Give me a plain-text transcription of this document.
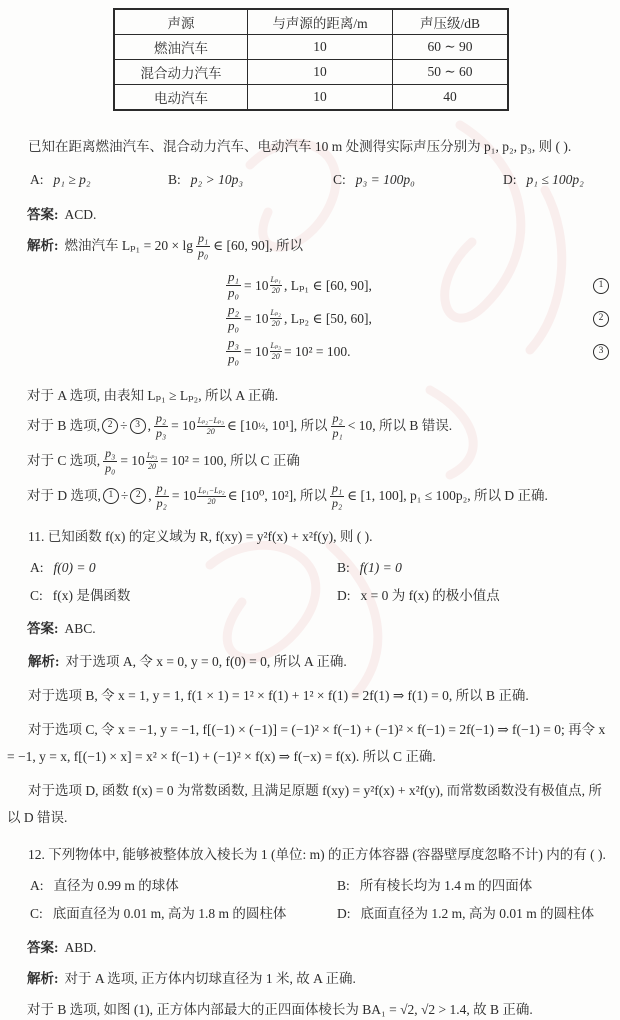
声源	与声源的距离/m	声压级/dB
燃油汽车	10	60 ∼ 90
混合动力汽车	10	50 ∼ 60
电动汽车	10	40

已知在距离燃油汽车、混合动力汽车、电动汽车 10 m 处测得实际声压分别为 p₁, p₂, p₃, 则 ( ).

A: p₁ ≥ p₂	B: p₂ > 10p₃	C: p₃ = 100p₀	D: p₁ ≤ 100p₂

答案: ACD.

解析: 燃油汽车 Lₚ₁ = 20 × lg
p₁
p₀ ∈ [60, 90], 所以
$\frac{\text{p₁}}{\text{p₀}} = 10$ Lₚ₁
20 , Lₚ₁ ∈ [60, 90],	1
$\frac{\text{p₂}}{\text{p₀}} = 10$ Lₚ₂
20 , Lₚ₂ ∈ [50, 60],	2
$\frac{\text{p₃}}{\text{p₀}} = 10 \frac{\text{Lₚ₃}}{20} = 10^2 = 100$.	3

对于 A 选项, 由表知 Lₚ₁ ≥ Lₚ₂, 所以 A 正确.

对于 B 选项, 2 ÷ 3 , $\frac{\text{p₂}}{\text{p₃}} = 10$ Lₚ₂−Lₚ₃
20 ∈ [10 ½ , 10¹], 所以
p₂
p₁ < 10, 所以 B 错误.
对于 C 选项, $\frac{\text{p₃}}{\text{p₀}} = 10 \frac{\text{Lₚ₃}}{20} = 10^2 = 100$, 所以 C 正确
对于 D 选项, 1 ÷ 2 , $\frac{\text{p₁}}{\text{p₂}} = 10$ Lₚ₁−Lₚ₂
20 ∈ [10⁰, 10²], 所以
p₁
p₂ ∈ [1, 100], p₁ ≤ 100p₂, 所以 D 正确.

11. 已知函数 f(x) 的定义域为 R, f(xy) = y²f(x) + x²f(y), 则 ( ).

A: f(0) = 0	B: f(1) = 0
C: f(x) 是偶函数	D: x = 0 为 f(x) 的极小值点

答案: ABC.

解析: 对于选项 A, 令 x = 0, y = 0, f(0) = 0, 所以 A 正确.

对于选项 B, 令 x = 1, y = 1, f(1 × 1) = 1² × f(1) + 1² × f(1) = 2f(1) ⇒ f(1) = 0, 所以 B 正确.

对于选项 C, 令 x = −1, y = −1, f[(−1) × (−1)] = (−1)² × f(−1) + (−1)² × f(−1) = 2f(−1) ⇒ f(−1) = 0; 再令 x = −1, y = x, f[(−1) × x] = x² × f(−1) + (−1)² × f(x) ⇒ f(−x) = f(x). 所以 C 正确.

对于选项 D, 函数 f(x) = 0 为常数函数, 且满足原题 f(xy) = y²f(x) + x²f(y), 而常数函数没有极值点, 所以 D 错误.

12. 下列物体中, 能够被整体放入棱长为 1 (单位: m) 的正方体容器 (容器壁厚度忽略不计) 内的有 ( ).

A: 直径为 0.99 m 的球体	B: 所有棱长均为 1.4 m 的四面体
C: 底面直径为 0.01 m, 高为 1.8 m 的圆柱体	D: 底面直径为 1.2 m, 高为 0.01 m 的圆柱体

答案: ABD.

解析: 对于 A 选项, 正方体内切球直径为 1 米, 故 A 正确.

对于 B 选项, 如图 (1), 正方体内部最大的正四面体棱长为 BA₁ = √2, √2 > 1.4, 故 B 正确.
